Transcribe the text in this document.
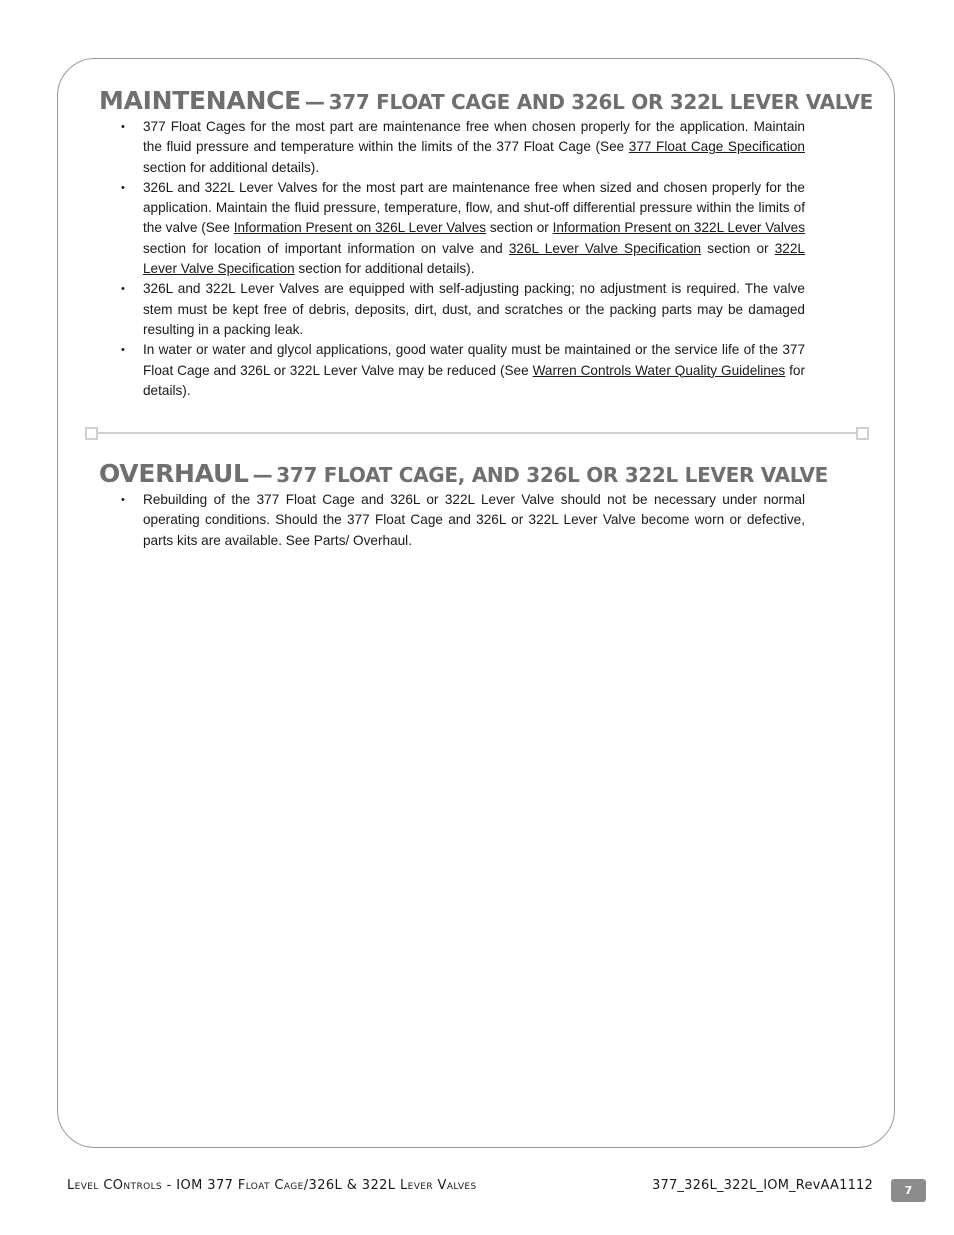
MAINTENANCE — 377 FLOAT CAGE AND 326L OR 322L LEVER VALVE
• 377 Float Cages for the most part are maintenance free when chosen properly for the application. Maintain the fluid pressure and temperature within the limits of the 377 Float Cage (See 377 Float Cage Specification section for additional details).
• 326L and 322L Lever Valves for the most part are maintenance free when sized and chosen properly for the application. Maintain the fluid pressure, temperature, flow, and shut-off differential pressure within the limits of the valve (See Information Present on 326L Lever Valves section or Information Present on 322L Lever Valves section for location of important information on valve and 326L Lever Valve Specification section or 322L Lever Valve Specification section for additional details).
• 326L and 322L Lever Valves are equipped with self-adjusting packing; no adjustment is required. The valve stem must be kept free of debris, deposits, dirt, dust, and scratches or the packing parts may be damaged resulting in a packing leak.
• In water or water and glycol applications, good water quality must be maintained or the service life of the 377 Float Cage and 326L or 322L Lever Valve may be reduced (See Warren Controls Water Quality Guidelines for details).
OVERHAUL — 377 FLOAT CAGE, AND 326L OR 322L LEVER VALVE
• Rebuilding of the 377 Float Cage and 326L or 322L Lever Valve should not be necessary under normal operating conditions. Should the 377 Float Cage and 326L or 322L Lever Valve become worn or defective, parts kits are available. See Parts/ Overhaul.
Level COntrols - IOM 377 Float Cage/326L & 322L Lever Valves	377_326L_322L_IOM_RevAA1112	7
